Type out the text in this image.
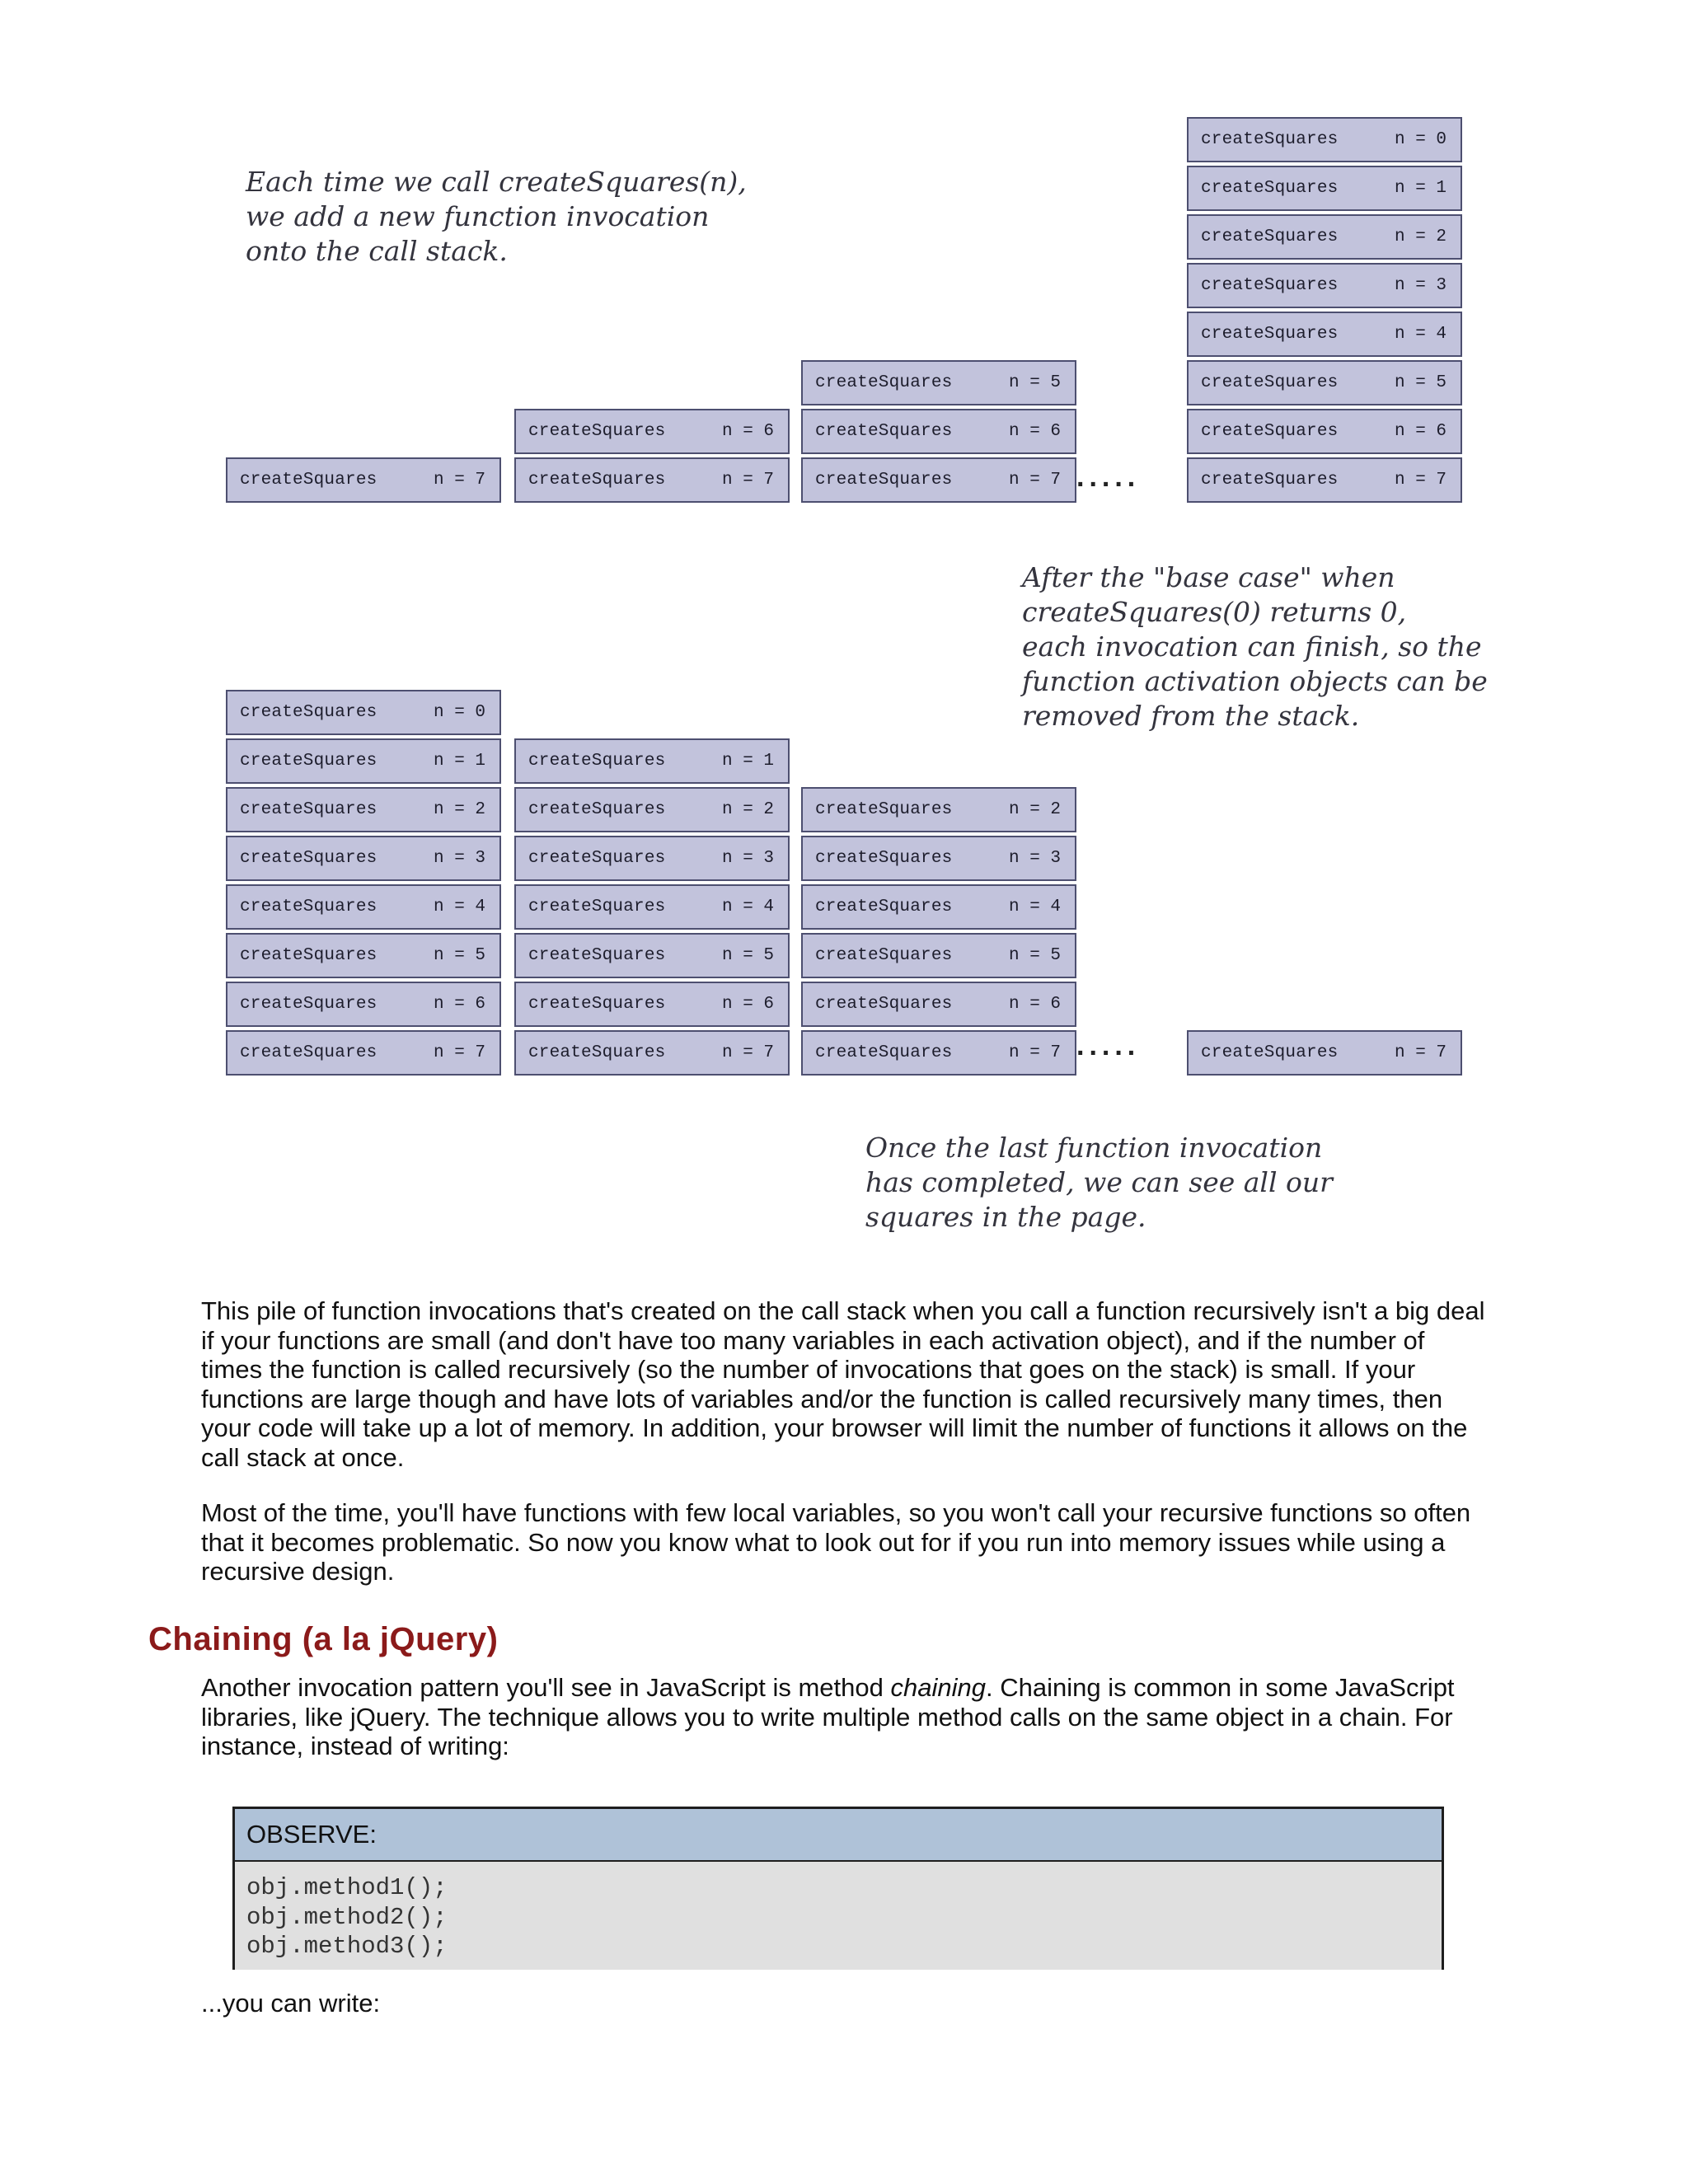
createSquares	n = 7
createSquares	n = 6
createSquares	n = 7
createSquares	n = 5
createSquares	n = 6
createSquares	n = 7
createSquares	n = 0
createSquares	n = 1
createSquares	n = 2
createSquares	n = 3
createSquares	n = 4
createSquares	n = 5
createSquares	n = 6
createSquares	n = 7
createSquares	n = 0
createSquares	n = 1
createSquares	n = 2
createSquares	n = 3
createSquares	n = 4
createSquares	n = 5
createSquares	n = 6
createSquares	n = 7
createSquares	n = 1
createSquares	n = 2
createSquares	n = 3
createSquares	n = 4
createSquares	n = 5
createSquares	n = 6
createSquares	n = 7
createSquares	n = 2
createSquares	n = 3
createSquares	n = 4
createSquares	n = 5
createSquares	n = 6
createSquares	n = 7	createSquares	n = 7
.....
.....
Each time we call createSquares(n),
we add a new function invocation
onto the call stack.
After the "base case" when
createSquares(0) returns 0,
each invocation can finish, so the
function activation objects can be
removed from the stack.
Once the last function invocation
has completed, we can see all our
squares in the page.

This pile of function invocations that's created on the call stack when you call a function recursively isn't a big deal if your functions are small (and don't have too many variables in each activation object), and if the number of times the function is called recursively (so the number of invocations that goes on the stack) is small. If your functions are large though and have lots of variables and/or the function is called recursively many times, then your code will take up a lot of memory. In addition, your browser will limit the number of functions it allows on the call stack at once.

Most of the time, you'll have functions with few local variables, so you won't call your recursive functions so often that it becomes problematic. So now you know what to look out for if you run into memory issues while using a recursive design.

Chaining (a la jQuery)

Another invocation pattern you'll see in JavaScript is method chaining. Chaining is common in some JavaScript libraries, like jQuery. The technique allows you to write multiple method calls on the same object in a chain. For instance, instead of writing:

OBSERVE:
obj.method1();
obj.method2();
obj.method3();

...you can write:
